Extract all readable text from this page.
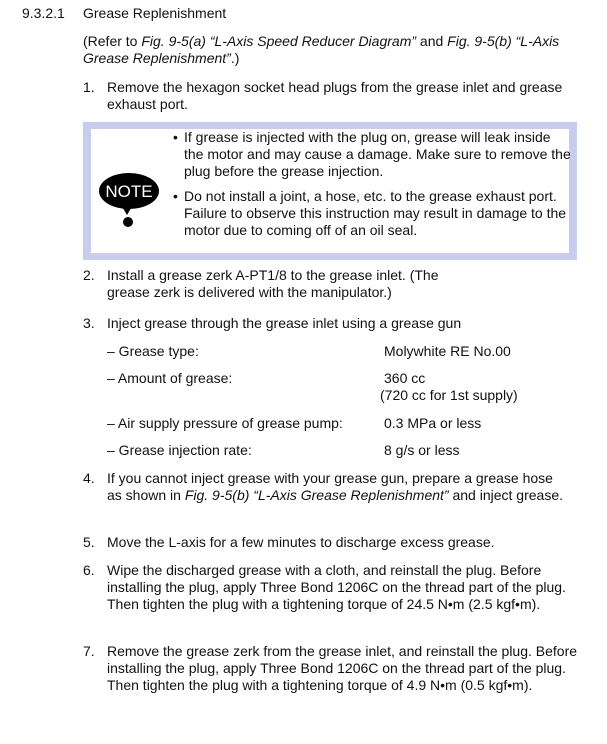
9.3.2.1 Grease Replenishment
(Refer to Fig. 9-5(a) “L-Axis Speed Reducer Diagram” and Fig. 9-5(b) “L-Axis Grease Replenishment”.)
1. Remove the hexagon socket head plugs from the grease inlet and grease exhaust port.
NOTE
• If grease is injected with the plug on, grease will leak inside the motor and may cause a damage. Make sure to remove the plug before the grease injection.
• Do not install a joint, a hose, etc. to the grease exhaust port. Failure to observe this instruction may result in damage to the motor due to coming off of an oil seal.
2. Install a grease zerk A-PT1/8 to the grease inlet. (The grease zerk is delivered with the manipulator.)
3. Inject grease through the grease inlet using a grease gun
– Grease type:	Molywhite RE No.00
– Amount of grease:	360 cc
(720 cc for 1st supply)
– Air supply pressure of grease pump:	0.3 MPa or less
– Grease injection rate:	8 g/s or less
4. If you cannot inject grease with your grease gun, prepare a grease hose as shown in Fig. 9-5(b) “L-Axis Grease Replenishment” and inject grease.
5. Move the L-axis for a few minutes to discharge excess grease.
6. Wipe the discharged grease with a cloth, and reinstall the plug. Before installing the plug, apply Three Bond 1206C on the thread part of the plug. Then tighten the plug with a tightening torque of 24.5 N•m (2.5 kgf•m).
7. Remove the grease zerk from the grease inlet, and reinstall the plug. Before installing the plug, apply Three Bond 1206C on the thread part of the plug. Then tighten the plug with a tightening torque of 4.9 N•m (0.5 kgf•m).
